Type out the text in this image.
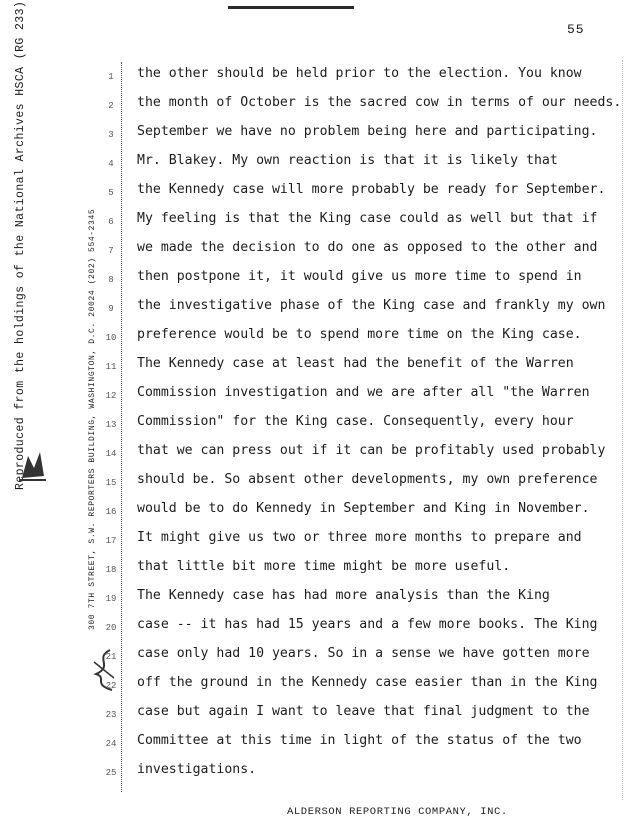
55
Reproduced from the holdings of the National Archives HSCA (RG 233)	300 7TH STREET, S.W. REPORTERS BUILDING, WASHINGTON, D.C. 20024 (202) 554-2345
1
2
3
4
5
6
7
8
9
10
11
12
13
14
15
16
17
18
19
20
21
22
23
24
25
the other should be held prior to the election. You know
the month of October is the sacred cow in terms of our needs.
September we have no problem being here and participating.
Mr. Blakey. My own reaction is that it is likely that
the Kennedy case will more probably be ready for September.
My feeling is that the King case could as well but that if
we made the decision to do one as opposed to the other and
then postpone it, it would give us more time to spend in
the investigative phase of the King case and frankly my own
preference would be to spend more time on the King case.
The Kennedy case at least had the benefit of the Warren
Commission investigation and we are after all "the Warren
Commission" for the King case. Consequently, every hour
that we can press out if it can be profitably used probably
should be. So absent other developments, my own preference
would be to do Kennedy in September and King in November.
It might give us two or three more months to prepare and
that little bit more time might be more useful.
The Kennedy case has had more analysis than the King
case -- it has had 15 years and a few more books. The King
case only had 10 years. So in a sense we have gotten more
off the ground in the Kennedy case easier than in the King
case but again I want to leave that final judgment to the
Committee at this time in light of the status of the two
investigations.
ALDERSON REPORTING COMPANY, INC.
